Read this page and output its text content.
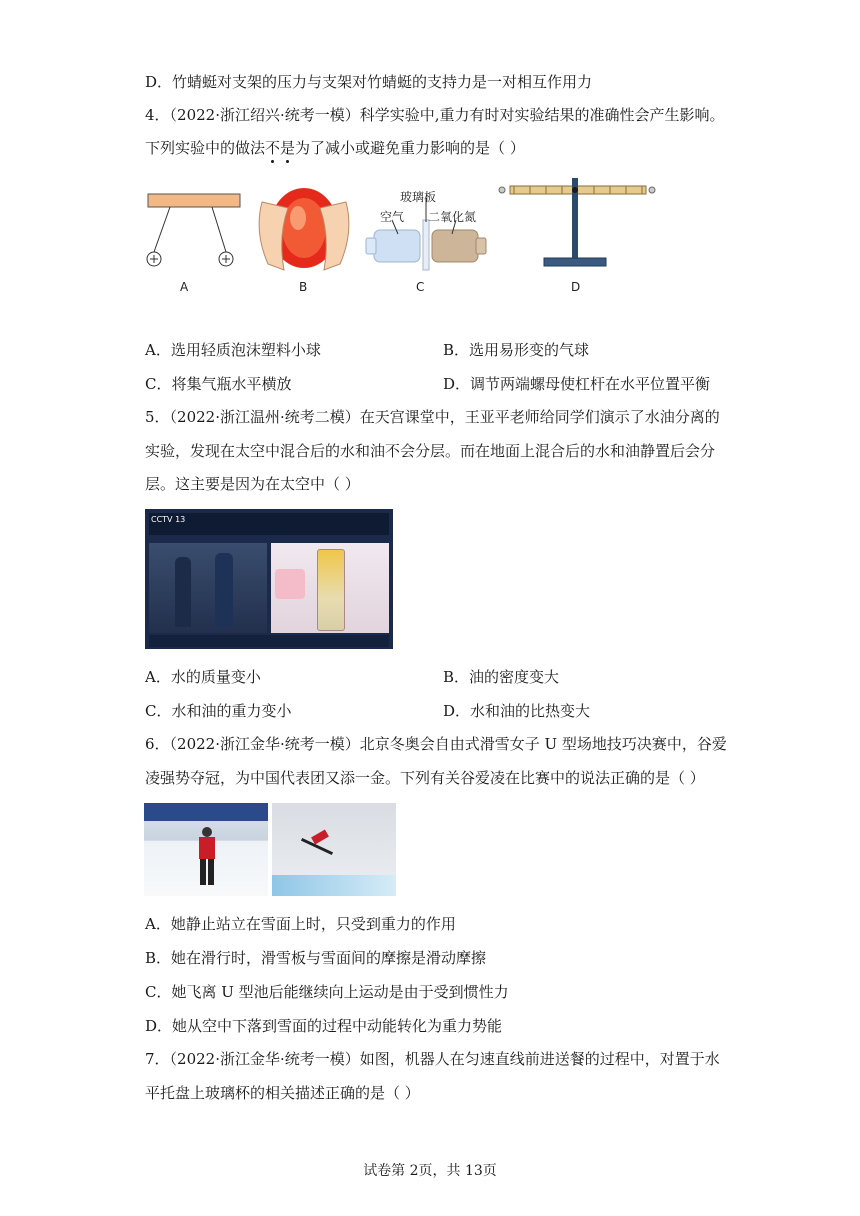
D．竹蜻蜓对支架的压力与支架对竹蜻蜓的支持力是一对相互作用力
4．（2022·浙江绍兴·统考一模）科学实验中,重力有时对实验结果的准确性会产生影响。
下列实验中的做法不是为了减小或避免重力影响的是（ ）
玻璃板
空气 二氧化氮
A	B	C	D
A．选用轻质泡沫塑料小球	B．选用易形变的气球
C．将集气瓶水平横放	D．调节两端螺母使杠杆在水平位置平衡
5．（2022·浙江温州·统考二模）在天宫课堂中，王亚平老师给同学们演示了水油分离的
实验，发现在太空中混合后的水和油不会分层。而在地面上混合后的水和油静置后会分
层。这主要是因为在太空中（ ）
CCTV 13
A．水的质量变小	B．油的密度变大
C．水和油的重力变小	D．水和油的比热变大
6．（2022·浙江金华·统考一模）北京冬奥会自由式滑雪女子 U 型场地技巧决赛中，谷爱
凌强势夺冠，为中国代表团又添一金。下列有关谷爱凌在比赛中的说法正确的是（ ）
A．她静止站立在雪面上时，只受到重力的作用
B．她在滑行时，滑雪板与雪面间的摩擦是滑动摩擦
C．她飞离 U 型池后能继续向上运动是由于受到惯性力
D．她从空中下落到雪面的过程中动能转化为重力势能
7．（2022·浙江金华·统考一模）如图，机器人在匀速直线前进送餐的过程中，对置于水
平托盘上玻璃杯的相关描述正确的是（ ）
试卷第 2页，共 13页
